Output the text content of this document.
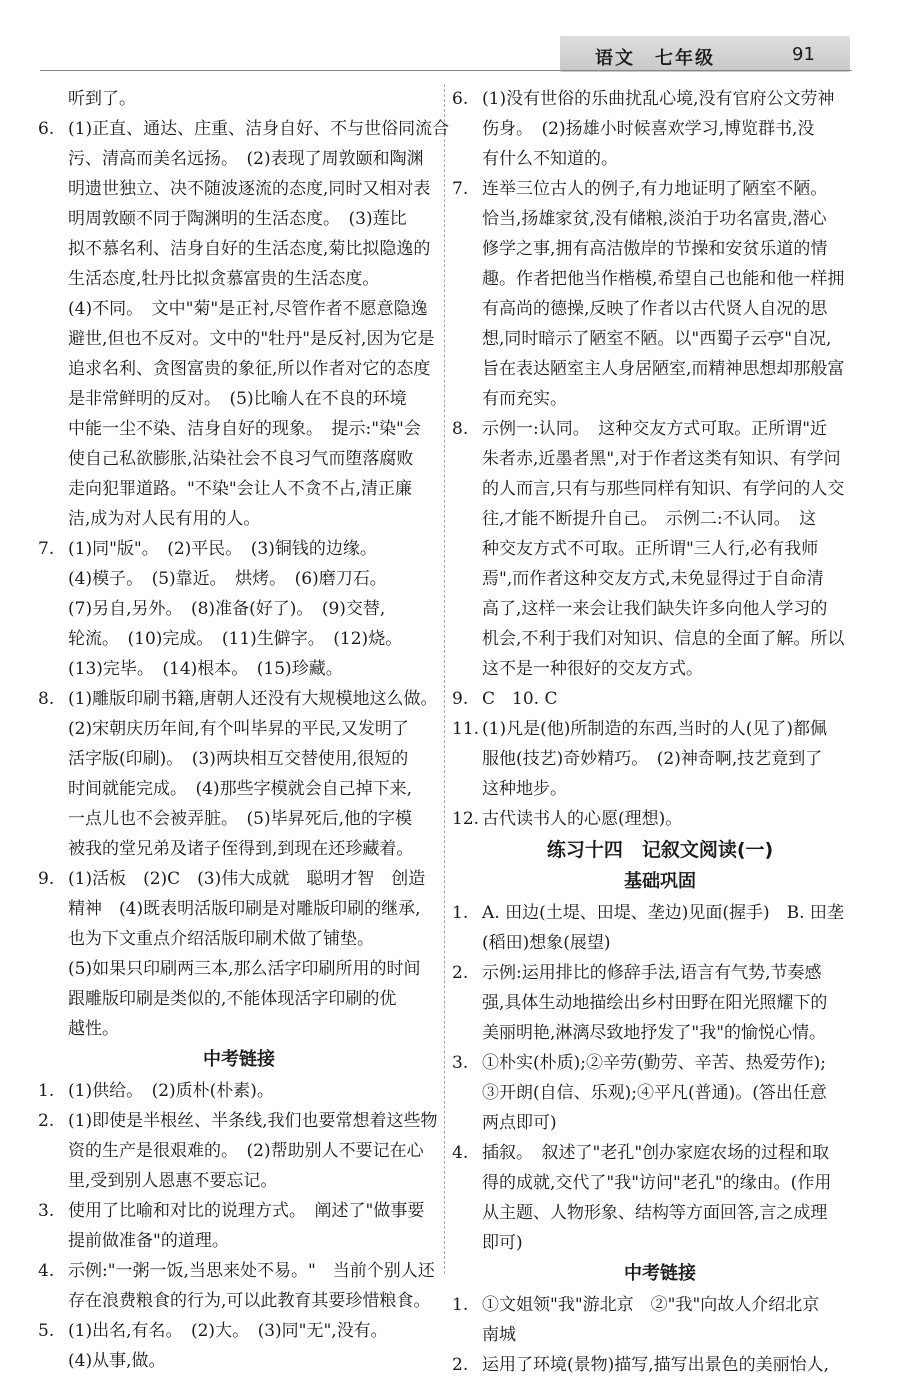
语文　七年级	91
听到了。
6. (1)正直、通达、庄重、洁身自好、不与世俗同流合
污、清高而美名远扬。　(2)表现了周敦颐和陶渊
明遗世独立、决不随波逐流的态度,同时又相对表
明周敦颐不同于陶渊明的生活态度。　(3)莲比
拟不慕名利、洁身自好的生活态度,菊比拟隐逸的
生活态度,牡丹比拟贪慕富贵的生活态度。
(4)不同。　文中"菊"是正衬,尽管作者不愿意隐逸
避世,但也不反对。文中的"牡丹"是反衬,因为它是
追求名利、贪图富贵的象征,所以作者对它的态度
是非常鲜明的反对。　(5)比喻人在不良的环境
中能一尘不染、洁身自好的现象。　提示:"染"会
使自己私欲膨胀,沾染社会不良习气而堕落腐败
走向犯罪道路。"不染"会让人不贪不占,清正廉
洁,成为对人民有用的人。
7. (1)同"版"。　(2)平民。　(3)铜钱的边缘。
(4)模子。　(5)靠近。　烘烤。　(6)磨刀石。
(7)另自,另外。　(8)准备(好了)。　(9)交替,
轮流。　(10)完成。　(11)生僻字。　(12)烧。
(13)完毕。　(14)根本。　(15)珍藏。
8. (1)雕版印刷书籍,唐朝人还没有大规模地这么做。
(2)宋朝庆历年间,有个叫毕昇的平民,又发明了
活字版(印刷)。　(3)两块相互交替使用,很短的
时间就能完成。　(4)那些字模就会自己掉下来,
一点儿也不会被弄脏。　(5)毕昇死后,他的字模
被我的堂兄弟及诸子侄得到,到现在还珍藏着。
9. (1)活板　(2)C　(3)伟大成就　聪明才智　创造
精神　(4)既表明活版印刷是对雕版印刷的继承,
也为下文重点介绍活版印刷术做了铺垫。
(5)如果只印刷两三本,那么活字印刷所用的时间
跟雕版印刷是类似的,不能体现活字印刷的优
越性。
中考链接
1. (1)供给。　(2)质朴(朴素)。
2. (1)即使是半根丝、半条线,我们也要常想着这些物
资的生产是很艰难的。　(2)帮助别人不要记在心
里,受到别人恩惠不要忘记。
3. 使用了比喻和对比的说理方式。　阐述了"做事要
提前做准备"的道理。
4. 示例:"一粥一饭,当思来处不易。"　当前个别人还
存在浪费粮食的行为,可以此教育其要珍惜粮食。
5. (1)出名,有名。　(2)大。　(3)同"无",没有。
(4)从事,做。
6. (1)没有世俗的乐曲扰乱心境,没有官府公文劳神
伤身。　(2)扬雄小时候喜欢学习,博览群书,没
有什么不知道的。
7. 连举三位古人的例子,有力地证明了陋室不陋。
恰当,扬雄家贫,没有储粮,淡泊于功名富贵,潜心
修学之事,拥有高洁傲岸的节操和安贫乐道的情
趣。作者把他当作楷模,希望自己也能和他一样拥
有高尚的德操,反映了作者以古代贤人自况的思
想,同时暗示了陋室不陋。以"西蜀子云亭"自况,
旨在表达陋室主人身居陋室,而精神思想却那般富
有而充实。
8. 示例一:认同。　这种交友方式可取。正所谓"近
朱者赤,近墨者黑",对于作者这类有知识、有学问
的人而言,只有与那些同样有知识、有学问的人交
往,才能不断提升自己。　示例二:不认同。　这
种交友方式不可取。正所谓"三人行,必有我师
焉",而作者这种交友方式,未免显得过于自命清
高了,这样一来会让我们缺失许多向他人学习的
机会,不利于我们对知识、信息的全面了解。所以
这不是一种很好的交友方式。
9. C　10. C
11. (1)凡是(他)所制造的东西,当时的人(见了)都佩
服他(技艺)奇妙精巧。　(2)神奇啊,技艺竟到了
这种地步。
12. 古代读书人的心愿(理想)。
练习十四　记叙文阅读(一)
基础巩固
1. A. 田边(土堤、田堤、垄边)见面(握手)　B. 田垄
(稻田)想象(展望)
2. 示例:运用排比的修辞手法,语言有气势,节奏感
强,具体生动地描绘出乡村田野在阳光照耀下的
美丽明艳,淋漓尽致地抒发了"我"的愉悦心情。
3. ①朴实(朴质);②辛劳(勤劳、辛苦、热爱劳作);
③开朗(自信、乐观);④平凡(普通)。(答出任意
两点即可)
4. 插叙。　叙述了"老孔"创办家庭农场的过程和取
得的成就,交代了"我"访问"老孔"的缘由。(作用
从主题、人物形象、结构等方面回答,言之成理
即可)
中考链接
1. ①文姐领"我"游北京　②"我"向故人介绍北京
南城
2. 运用了环境(景物)描写,描写出景色的美丽怡人,
